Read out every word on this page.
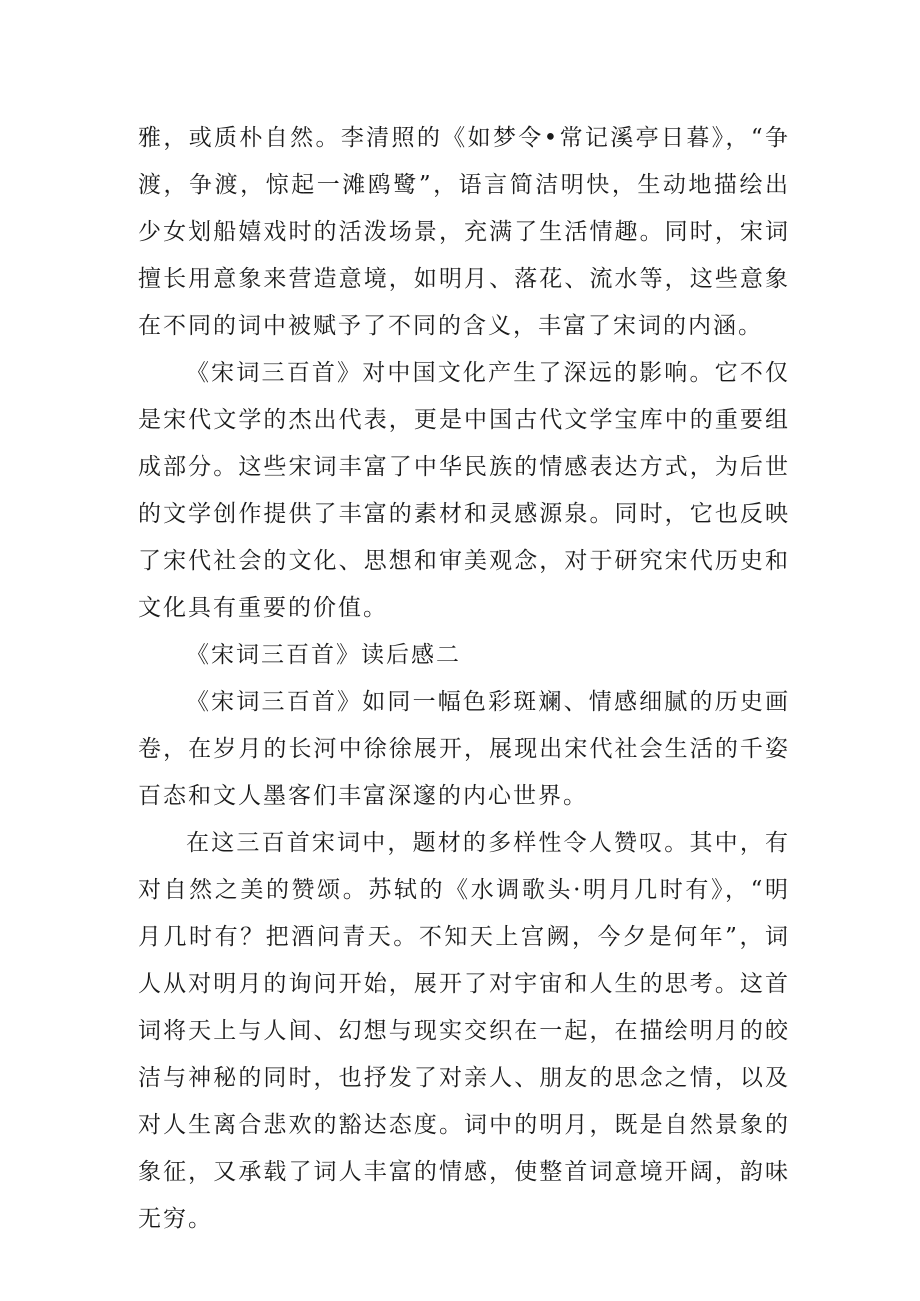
雅，或质朴自然。李清照的《如梦令•常记溪亭日暮》，“争渡，争渡，惊起一滩鸥鹭”，语言简洁明快，生动地描绘出少女划船嬉戏时的活泼场景，充满了生活情趣。同时，宋词擅长用意象来营造意境，如明月、落花、流水等，这些意象在不同的词中被赋予了不同的含义，丰富了宋词的内涵。

《宋词三百首》对中国文化产生了深远的影响。它不仅是宋代文学的杰出代表，更是中国古代文学宝库中的重要组成部分。这些宋词丰富了中华民族的情感表达方式，为后世的文学创作提供了丰富的素材和灵感源泉。同时，它也反映了宋代社会的文化、思想和审美观念，对于研究宋代历史和文化具有重要的价值。

《宋词三百首》读后感二

《宋词三百首》如同一幅色彩斑斓、情感细腻的历史画卷，在岁月的长河中徐徐展开，展现出宋代社会生活的千姿百态和文人墨客们丰富深邃的内心世界。

在这三百首宋词中，题材的多样性令人赞叹。其中，有对自然之美的赞颂。苏轼的《水调歌头·明月几时有》，“明月几时有？把酒问青天。不知天上宫阙，今夕是何年”，词人从对明月的询问开始，展开了对宇宙和人生的思考。这首词将天上与人间、幻想与现实交织在一起，在描绘明月的皎洁与神秘的同时，也抒发了对亲人、朋友的思念之情，以及对人生离合悲欢的豁达态度。词中的明月，既是自然景象的象征，又承载了词人丰富的情感，使整首词意境开阔，韵味无穷。
